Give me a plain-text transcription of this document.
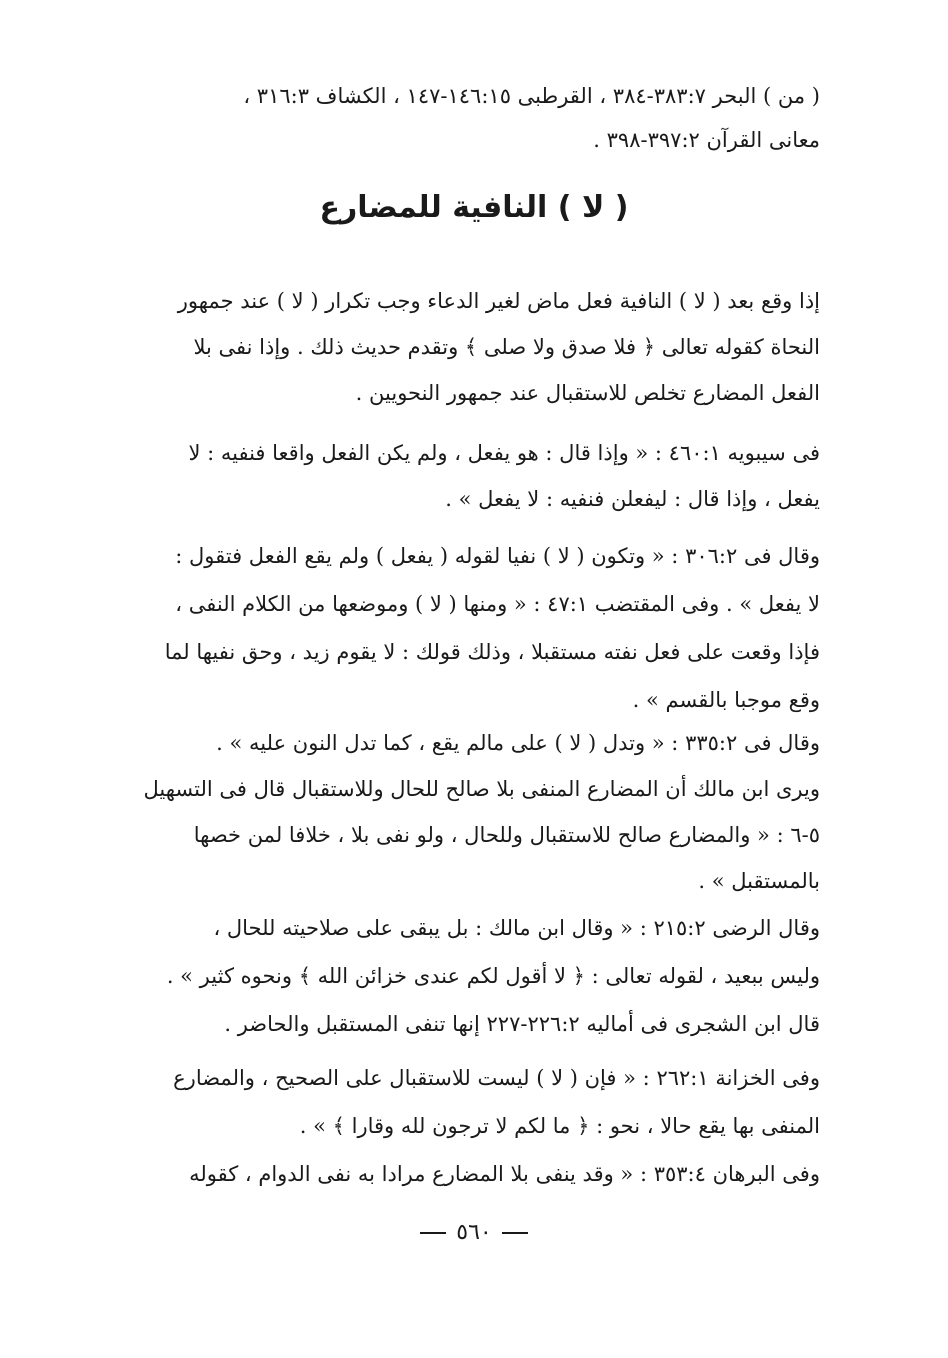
( من ) البحر ٣٨٣:٧-٣٨٤ ، القرطبى ١٤٦:١٥-١٤٧ ، الكشاف ٣١٦:٣ ،
معانى القرآن ٣٩٧:٢-٣٩٨ .
( لا ) النافية للمضارع
إذا وقع بعد ( لا ) النافية فعل ماض لغير الدعاء وجب تكرار ( لا ) عند جمهور
النحاة كقوله تعالى ﴿ فلا صدق ولا صلى ﴾ وتقدم حديث ذلك . وإذا نفى بلا
الفعل المضارع تخلص للاستقبال عند جمهور النحويين .
فى سيبويه ٤٦٠:١ : « وإذا قال : هو يفعل ، ولم يكن الفعل واقعا فنفيه : لا
يفعل ، وإذا قال : ليفعلن فنفيه : لا يفعل » .
وقال فى ٣٠٦:٢ : « وتكون ( لا ) نفيا لقوله ( يفعل ) ولم يقع الفعل فتقول :
لا يفعل » . وفى المقتضب ٤٧:١ : « ومنها ( لا ) وموضعها من الكلام النفى ،
فإذا وقعت على فعل نفته مستقبلا ، وذلك قولك : لا يقوم زيد ، وحق نفيها لما
وقع موجبا بالقسم » .
وقال فى ٣٣٥:٢ : « وتدل ( لا ) على مالم يقع ، كما تدل النون عليه » .
ويرى ابن مالك أن المضارع المنفى بلا صالح للحال وللاستقبال قال فى التسهيل
٥-٦ : « والمضارع صالح للاستقبال وللحال ، ولو نفى بلا ، خلافا لمن خصها
بالمستقبل » .
وقال الرضى ٢١٥:٢ : « وقال ابن مالك : بل يبقى على صلاحيته للحال ،
وليس ببعيد ، لقوله تعالى : ﴿ لا أقول لكم عندى خزائن الله ﴾ ونحوه كثير » .
قال ابن الشجرى فى أماليه ٢٢٦:٢-٢٢٧ إنها تنفى المستقبل والحاضر .
وفى الخزانة ٢٦٢:١ : « فإن ( لا ) ليست للاستقبال على الصحيح ، والمضارع
المنفى بها يقع حالا ، نحو : ﴿ ما لكم لا ترجون لله وقارا ﴾ » .
وفى البرهان ٣٥٣:٤ : « وقد ينفى بلا المضارع مرادا به نفى الدوام ، كقوله
٥٦٠
